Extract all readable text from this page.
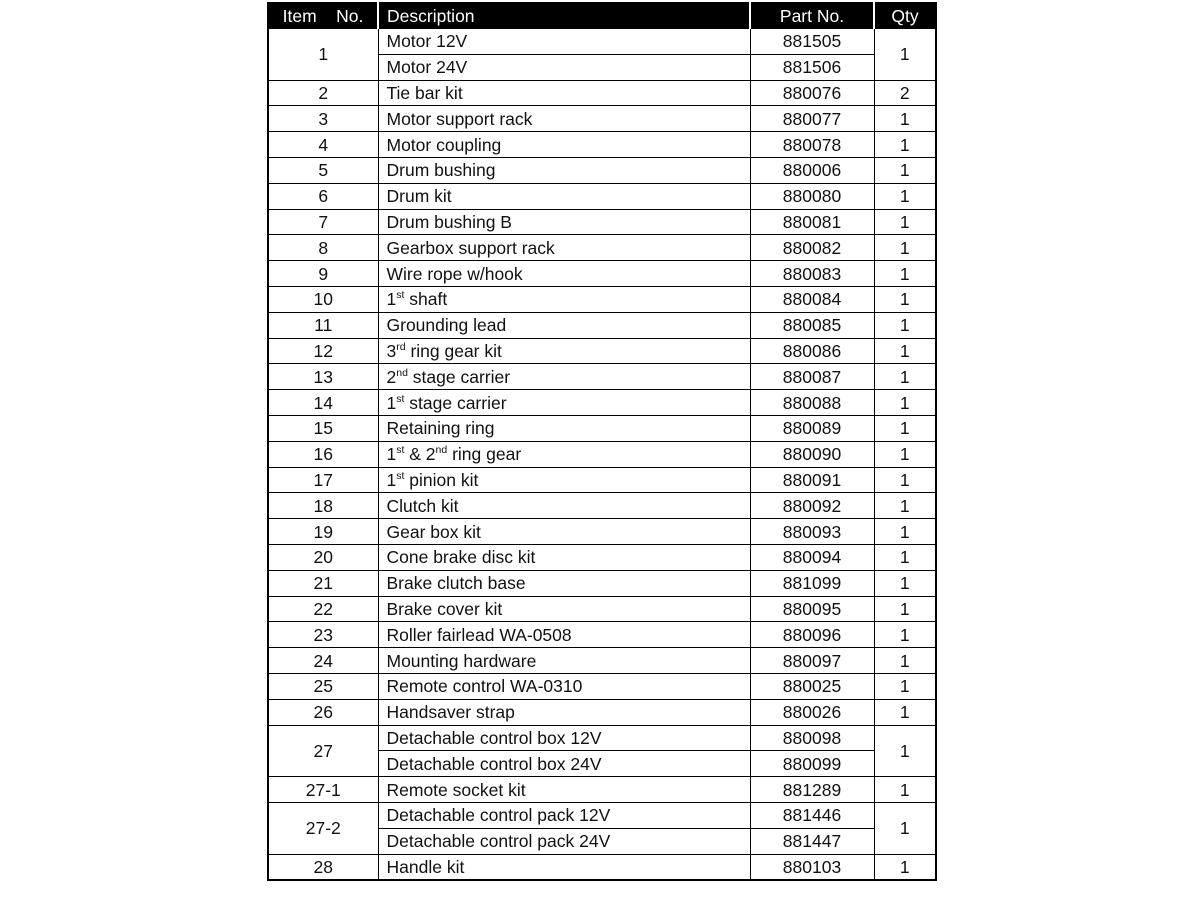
Item    No.	Description	Part No.	Qty
1	Motor 12V	881505	1
	Motor 24V	881506	
2	Tie bar kit	880076	2
3	Motor support rack	880077	1
4	Motor coupling	880078	1
5	Drum bushing	880006	1
6	Drum kit	880080	1
7	Drum bushing B	880081	1
8	Gearbox support rack	880082	1
9	Wire rope w/hook	880083	1
10	1st shaft	880084	1
11	Grounding lead	880085	1
12	3rd ring gear kit	880086	1
13	2nd stage carrier	880087	1
14	1st stage carrier	880088	1
15	Retaining ring	880089	1
16	1st & 2nd ring gear	880090	1
17	1st pinion kit	880091	1
18	Clutch kit	880092	1
19	Gear box kit	880093	1
20	Cone brake disc kit	880094	1
21	Brake clutch base	881099	1
22	Brake cover kit	880095	1
23	Roller fairlead WA-0508	880096	1
24	Mounting hardware	880097	1
25	Remote control WA-0310	880025	1
26	Handsaver strap	880026	1
27	Detachable control box 12V	880098	1
	Detachable control box 24V	880099	
27-1	Remote socket kit	881289	1
27-2	Detachable control pack 12V	881446	1
	Detachable control pack 24V	881447	
28	Handle kit	880103	1
